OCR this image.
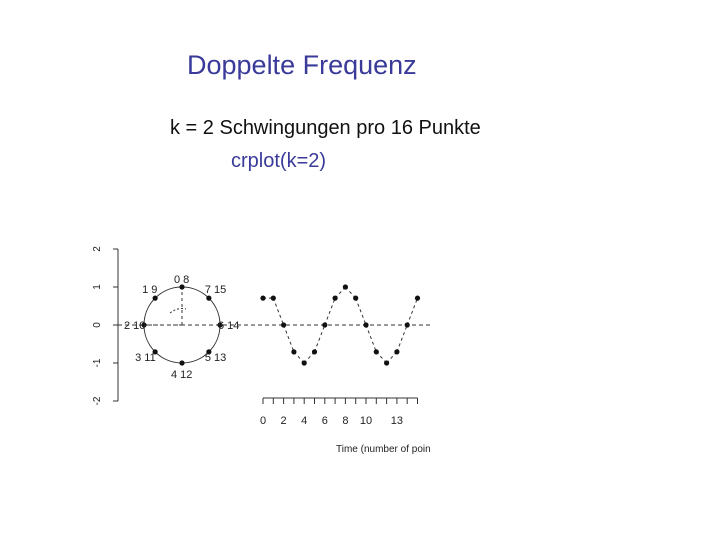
Doppelte Frequenz
k = 2 Schwingungen pro 16 Punkte
crplot(k=2)
2
1
0
-1
-2
0 8
1 9
2 10
3 11
4 12
5 13
6 14
7 15
0 2 4 6 8 10 13
Time (number of poin
